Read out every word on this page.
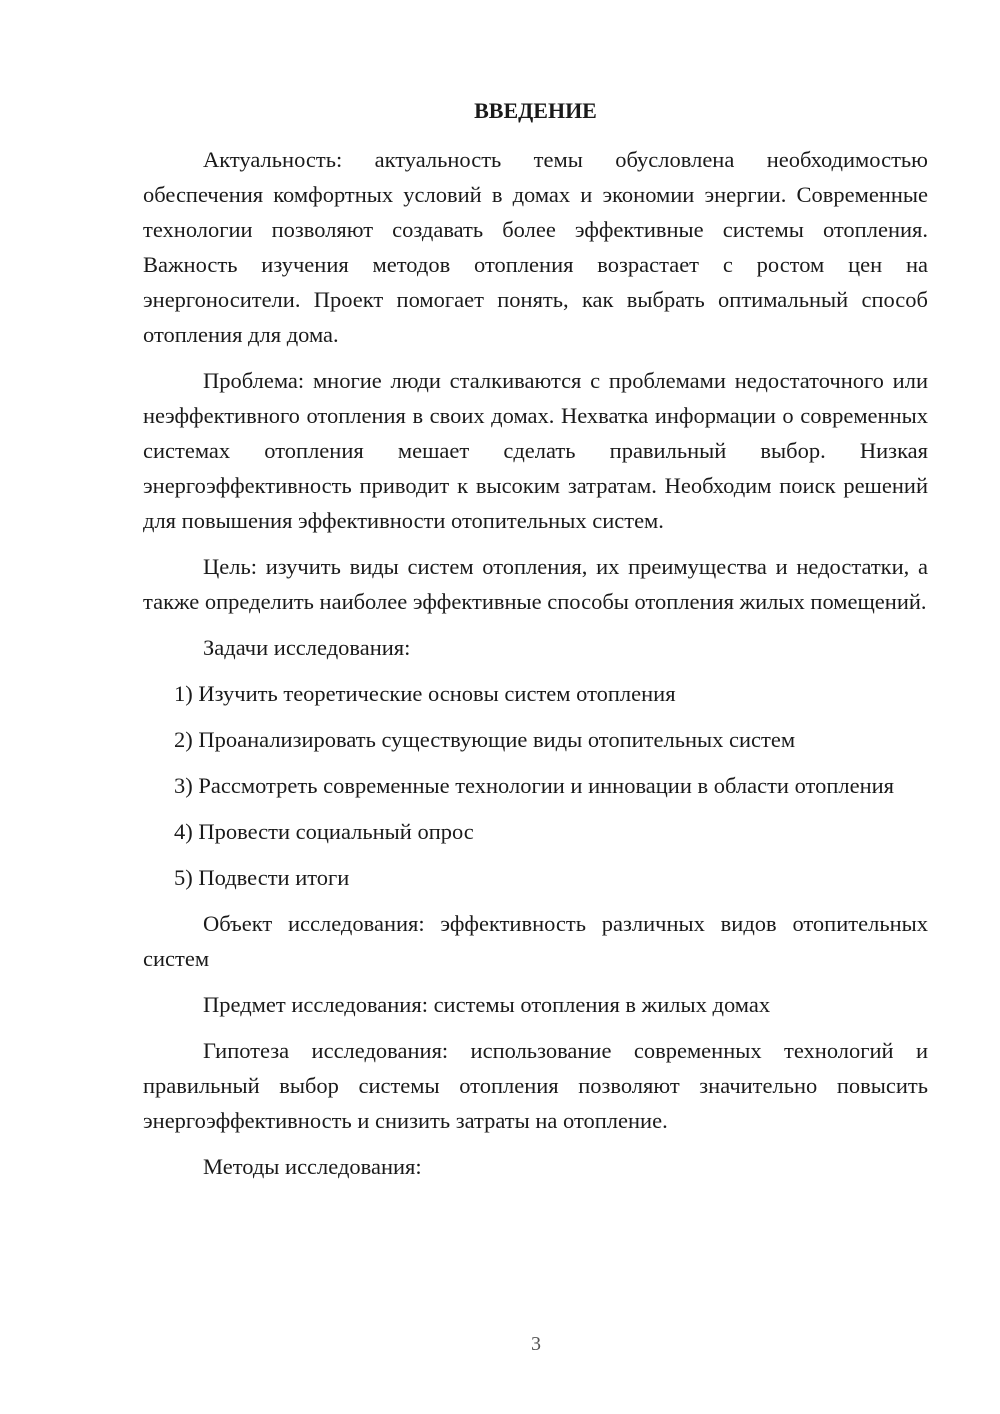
ВВЕДЕНИЕ

Актуальность: актуальность темы обусловлена необходимостью обеспечения комфортных условий в домах и экономии энергии. Современные технологии позволяют создавать более эффективные системы отопления. Важность изучения методов отопления возрастает с ростом цен на энергоносители. Проект помогает понять, как выбрать оптимальный способ отопления для дома.

Проблема: многие люди сталкиваются с проблемами недостаточного или неэффективного отопления в своих домах. Нехватка информации о современных системах отопления мешает сделать правильный выбор. Низкая энергоэффективность приводит к высоким затратам. Необходим поиск решений для повышения эффективности отопительных систем.

Цель: изучить виды систем отопления, их преимущества и недостатки, а также определить наиболее эффективные способы отопления жилых помещений.

Задачи исследования:

1) Изучить теоретические основы систем отопления

2) Проанализировать существующие виды отопительных систем

3) Рассмотреть современные технологии и инновации в области отопления

4) Провести социальный опрос

5) Подвести итоги

Объект исследования: эффективность различных видов отопительных систем

Предмет исследования: системы отопления в жилых домах

Гипотеза исследования: использование современных технологий и правильный выбор системы отопления позволяют значительно повысить энергоэффективность и снизить затраты на отопление.

Методы исследования:

3
